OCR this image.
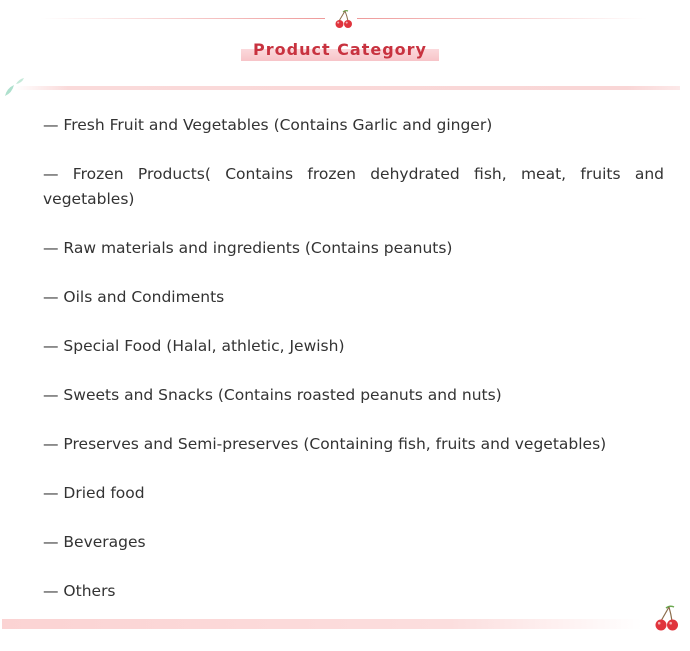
Product Category
— Fresh Fruit and Vegetables (Contains Garlic and ginger)
— Frozen Products( Contains frozen dehydrated fish, meat, fruits and vegetables)
— Raw materials and ingredients (Contains peanuts)
— Oils and Condiments
— Special Food (Halal, athletic, Jewish)
— Sweets and Snacks (Contains roasted peanuts and nuts)
— Preserves and Semi-preserves (Containing fish, fruits and vegetables)
— Dried food
— Beverages
— Others
